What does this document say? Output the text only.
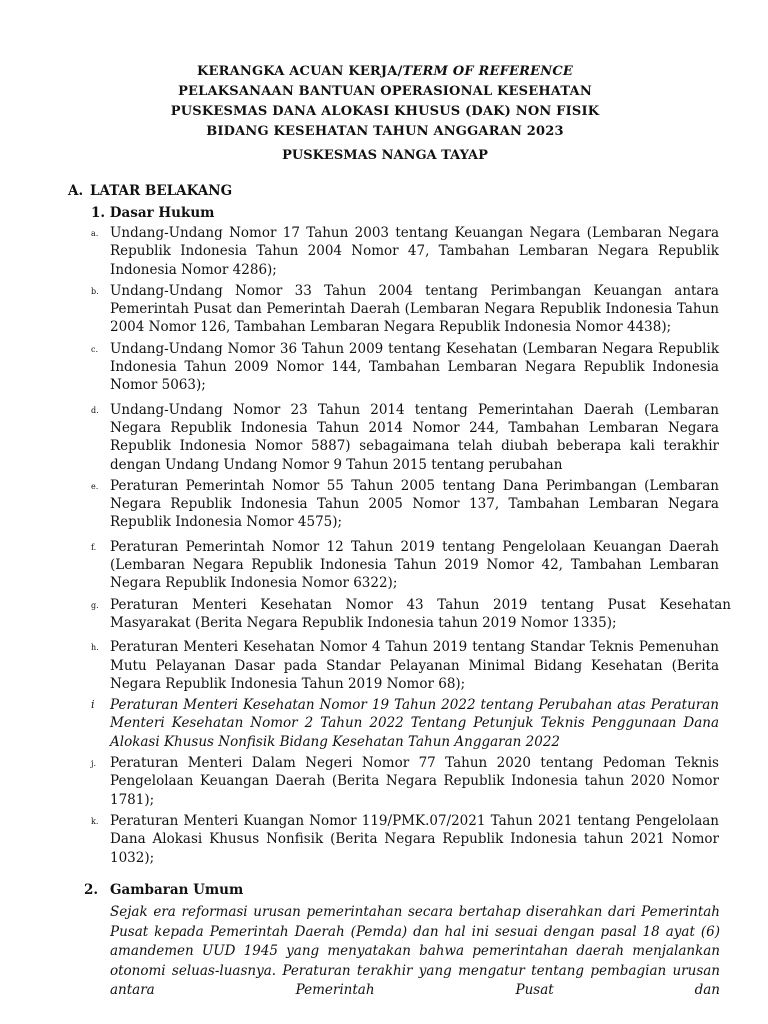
KERANGKA ACUAN KERJA/TERM OF REFERENCE
PELAKSANAAN BANTUAN OPERASIONAL KESEHATAN
PUSKESMAS DANA ALOKASI KHUSUS (DAK) NON FISIK
BIDANG KESEHATAN TAHUN ANGGARAN 2023
PUSKESMAS NANGA TAYAP
A. LATAR BELAKANG
1. Dasar Hukum
a. Undang-Undang Nomor 17 Tahun 2003 tentang Keuangan Negara (Lembaran Negara Republik Indonesia Tahun 2004 Nomor 47, Tambahan Lembaran Negara Republik Indonesia Nomor 4286);
b. Undang-Undang Nomor 33 Tahun 2004 tentang Perimbangan Keuangan antara Pemerintah Pusat dan Pemerintah Daerah (Lembaran Negara Republik Indonesia Tahun 2004 Nomor 126, Tambahan Lembaran Negara Republik Indonesia Nomor 4438);
c. Undang-Undang Nomor 36 Tahun 2009 tentang Kesehatan (Lembaran Negara Republik Indonesia Tahun 2009 Nomor 144, Tambahan Lembaran Negara Republik Indonesia Nomor 5063);
d. Undang-Undang Nomor 23 Tahun 2014 tentang Pemerintahan Daerah (Lembaran Negara Republik Indonesia Tahun 2014 Nomor 244, Tambahan Lembaran Negara Republik Indonesia Nomor 5887) sebagaimana telah diubah beberapa kali terakhir dengan Undang Undang Nomor 9 Tahun 2015 tentang perubahan
e. Peraturan Pemerintah Nomor 55 Tahun 2005 tentang Dana Perimbangan (Lembaran Negara Republik Indonesia Tahun 2005 Nomor 137, Tambahan Lembaran Negara Republik Indonesia Nomor 4575);
f. Peraturan Pemerintah Nomor 12 Tahun 2019 tentang Pengelolaan Keuangan Daerah (Lembaran Negara Republik Indonesia Tahun 2019 Nomor 42, Tambahan Lembaran Negara Republik Indonesia Nomor 6322);
g. Peraturan Menteri Kesehatan Nomor 43 Tahun 2019 tentang Pusat Kesehatan Masyarakat (Berita Negara Republik Indonesia tahun 2019 Nomor 1335);
h. Peraturan Menteri Kesehatan Nomor 4 Tahun 2019 tentang Standar Teknis Pemenuhan Mutu Pelayanan Dasar pada Standar Pelayanan Minimal Bidang Kesehatan (Berita Negara Republik Indonesia Tahun 2019 Nomor 68);
i Peraturan Menteri Kesehatan Nomor 19 Tahun 2022 tentang Perubahan atas Peraturan Menteri Kesehatan Nomor 2 Tahun 2022 Tentang Petunjuk Teknis Penggunaan Dana Alokasi Khusus Nonfisik Bidang Kesehatan Tahun Anggaran 2022
j. Peraturan Menteri Dalam Negeri Nomor 77 Tahun 2020 tentang Pedoman Teknis Pengelolaan Keuangan Daerah (Berita Negara Republik Indonesia tahun 2020 Nomor 1781);
k. Peraturan Menteri Kuangan Nomor 119/PMK.07/2021 Tahun 2021 tentang Pengelolaan Dana Alokasi Khusus Nonfisik (Berita Negara Republik Indonesia tahun 2021 Nomor 1032);
2. Gambaran Umum
Sejak era reformasi urusan pemerintahan secara bertahap diserahkan dari Pemerintah Pusat kepada Pemerintah Daerah (Pemda) dan hal ini sesuai dengan pasal 18 ayat (6) amandemen UUD 1945 yang menyatakan bahwa pemerintahan daerah menjalankan otonomi seluas-luasnya. Peraturan terakhir yang mengatur tentang pembagian urusan antara Pemerintah Pusat dan
